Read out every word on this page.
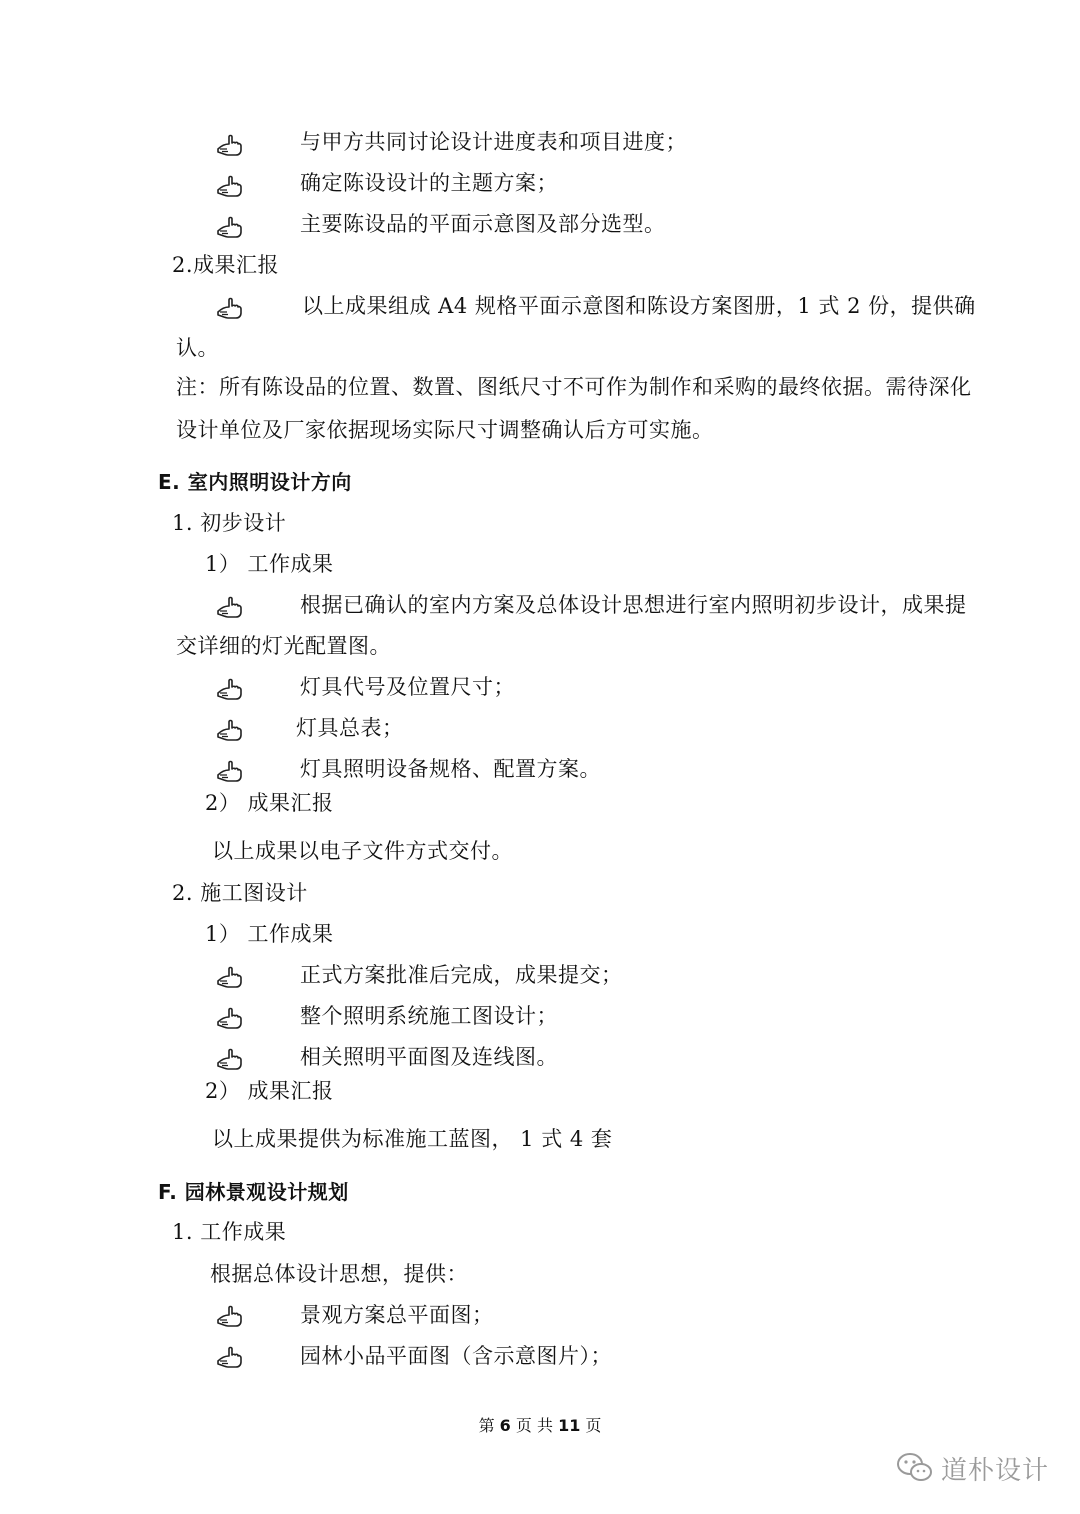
与甲方共同讨论设计进度表和项目进度；
确定陈设设计的主题方案；
主要陈设品的平面示意图及部分选型。
2.成果汇报
以上成果组成 A4 规格平面示意图和陈设方案图册，1 式 2 份，提供确
认。
注：所有陈设品的位置、数置、图纸尺寸不可作为制作和采购的最终依据。需待深化
设计单位及厂家依据现场实际尺寸调整确认后方可实施。
E. 室内照明设计方向
1. 初步设计
1） 工作成果
根据已确认的室内方案及总体设计思想进行室内照明初步设计，成果提
交详细的灯光配置图。
灯具代号及位置尺寸；
灯具总表；
灯具照明设备规格、配置方案。
2） 成果汇报
以上成果以电子文件方式交付。
2. 施工图设计
1） 工作成果
正式方案批准后完成，成果提交；
整个照明系统施工图设计；
相关照明平面图及连线图。
2） 成果汇报
以上成果提供为标准施工蓝图， 1 式 4 套
F. 园林景观设计规划
1. 工作成果
根据总体设计思想，提供：
景观方案总平面图；
园林小品平面图（含示意图片）；
第 6 页 共 11 页
道朴设计
